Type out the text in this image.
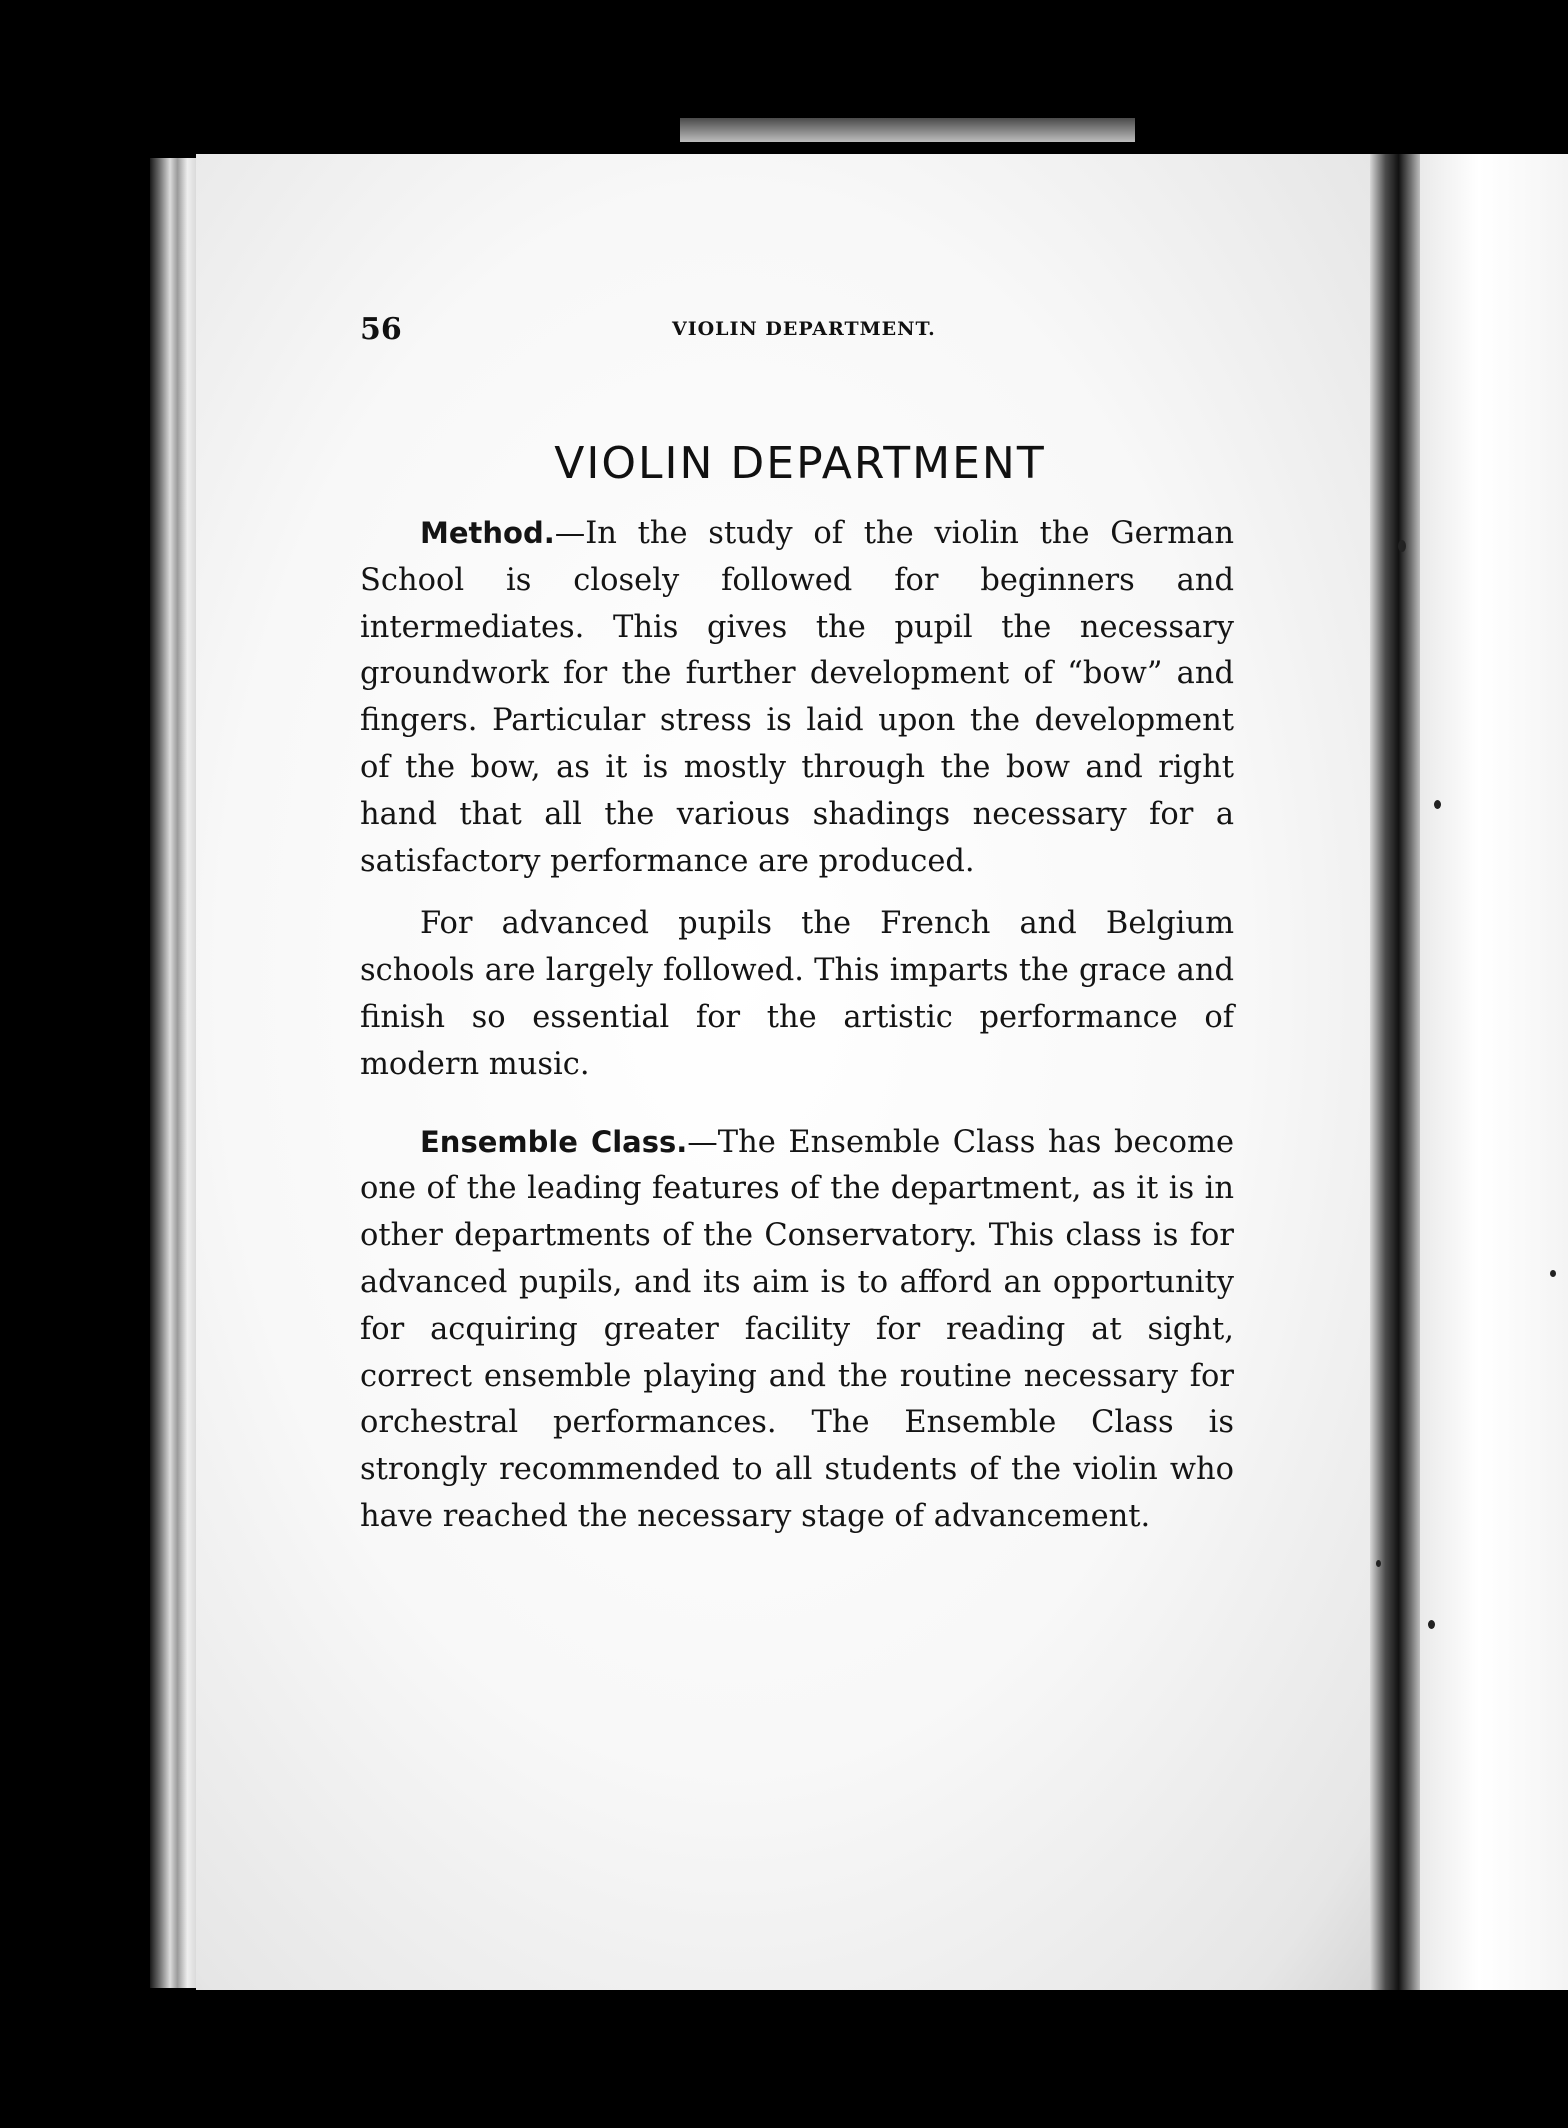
56	VIOLIN DEPARTMENT.
VIOLIN DEPARTMENT

Method.—In the study of the violin the German School is closely followed for beginners and intermediates. This gives the pupil the necessary groundwork for the further development of “bow” and fingers. Particular stress is laid upon the development of the bow, as it is mostly through the bow and right hand that all the various shadings necessary for a satisfactory performance are produced.

For advanced pupils the French and Belgium schools are largely followed. This imparts the grace and finish so essential for the artistic performance of modern music.

Ensemble Class.—The Ensemble Class has become one of the leading features of the department, as it is in other departments of the Conservatory. This class is for advanced pupils, and its aim is to afford an opportunity for acquiring greater facility for reading at sight, correct ensemble playing and the routine necessary for orchestral performances. The Ensemble Class is strongly recommended to all students of the violin who have reached the necessary stage of advancement.
